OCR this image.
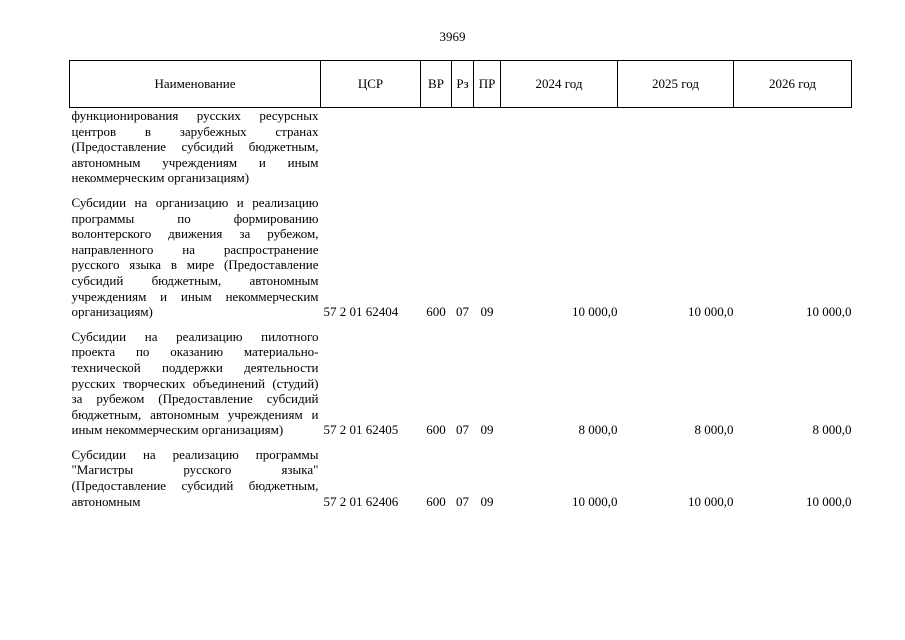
3969
Наименование	ЦСР	ВР	Рз	ПР	2024 год	2025 год	2026 год
функционирования русских ресурсных центров в зарубежных странах (Предоставление субсидий бюджетным, автономным учреждениям и иным некоммерческим организациям)							
Субсидии на организацию и реализацию программы по формированию волонтерского движения за рубежом, направленного на распространение русского языка в мире (Предоставление субсидий бюджетным, автономным учреждениям и иным некоммерческим организациям)	57 2 01 62404	600	07	09	10 000,0	10 000,0	10 000,0
Субсидии на реализацию пилотного проекта по оказанию материально-технической поддержки деятельности русских творческих объединений (студий) за рубежом (Предоставление субсидий бюджетным, автономным учреждениям и иным некоммерческим организациям)	57 2 01 62405	600	07	09	8 000,0	8 000,0	8 000,0
Субсидии на реализацию программы "Магистры русского языка" (Предоставление субсидий бюджетным, автономным	57 2 01 62406	600	07	09	10 000,0	10 000,0	10 000,0
